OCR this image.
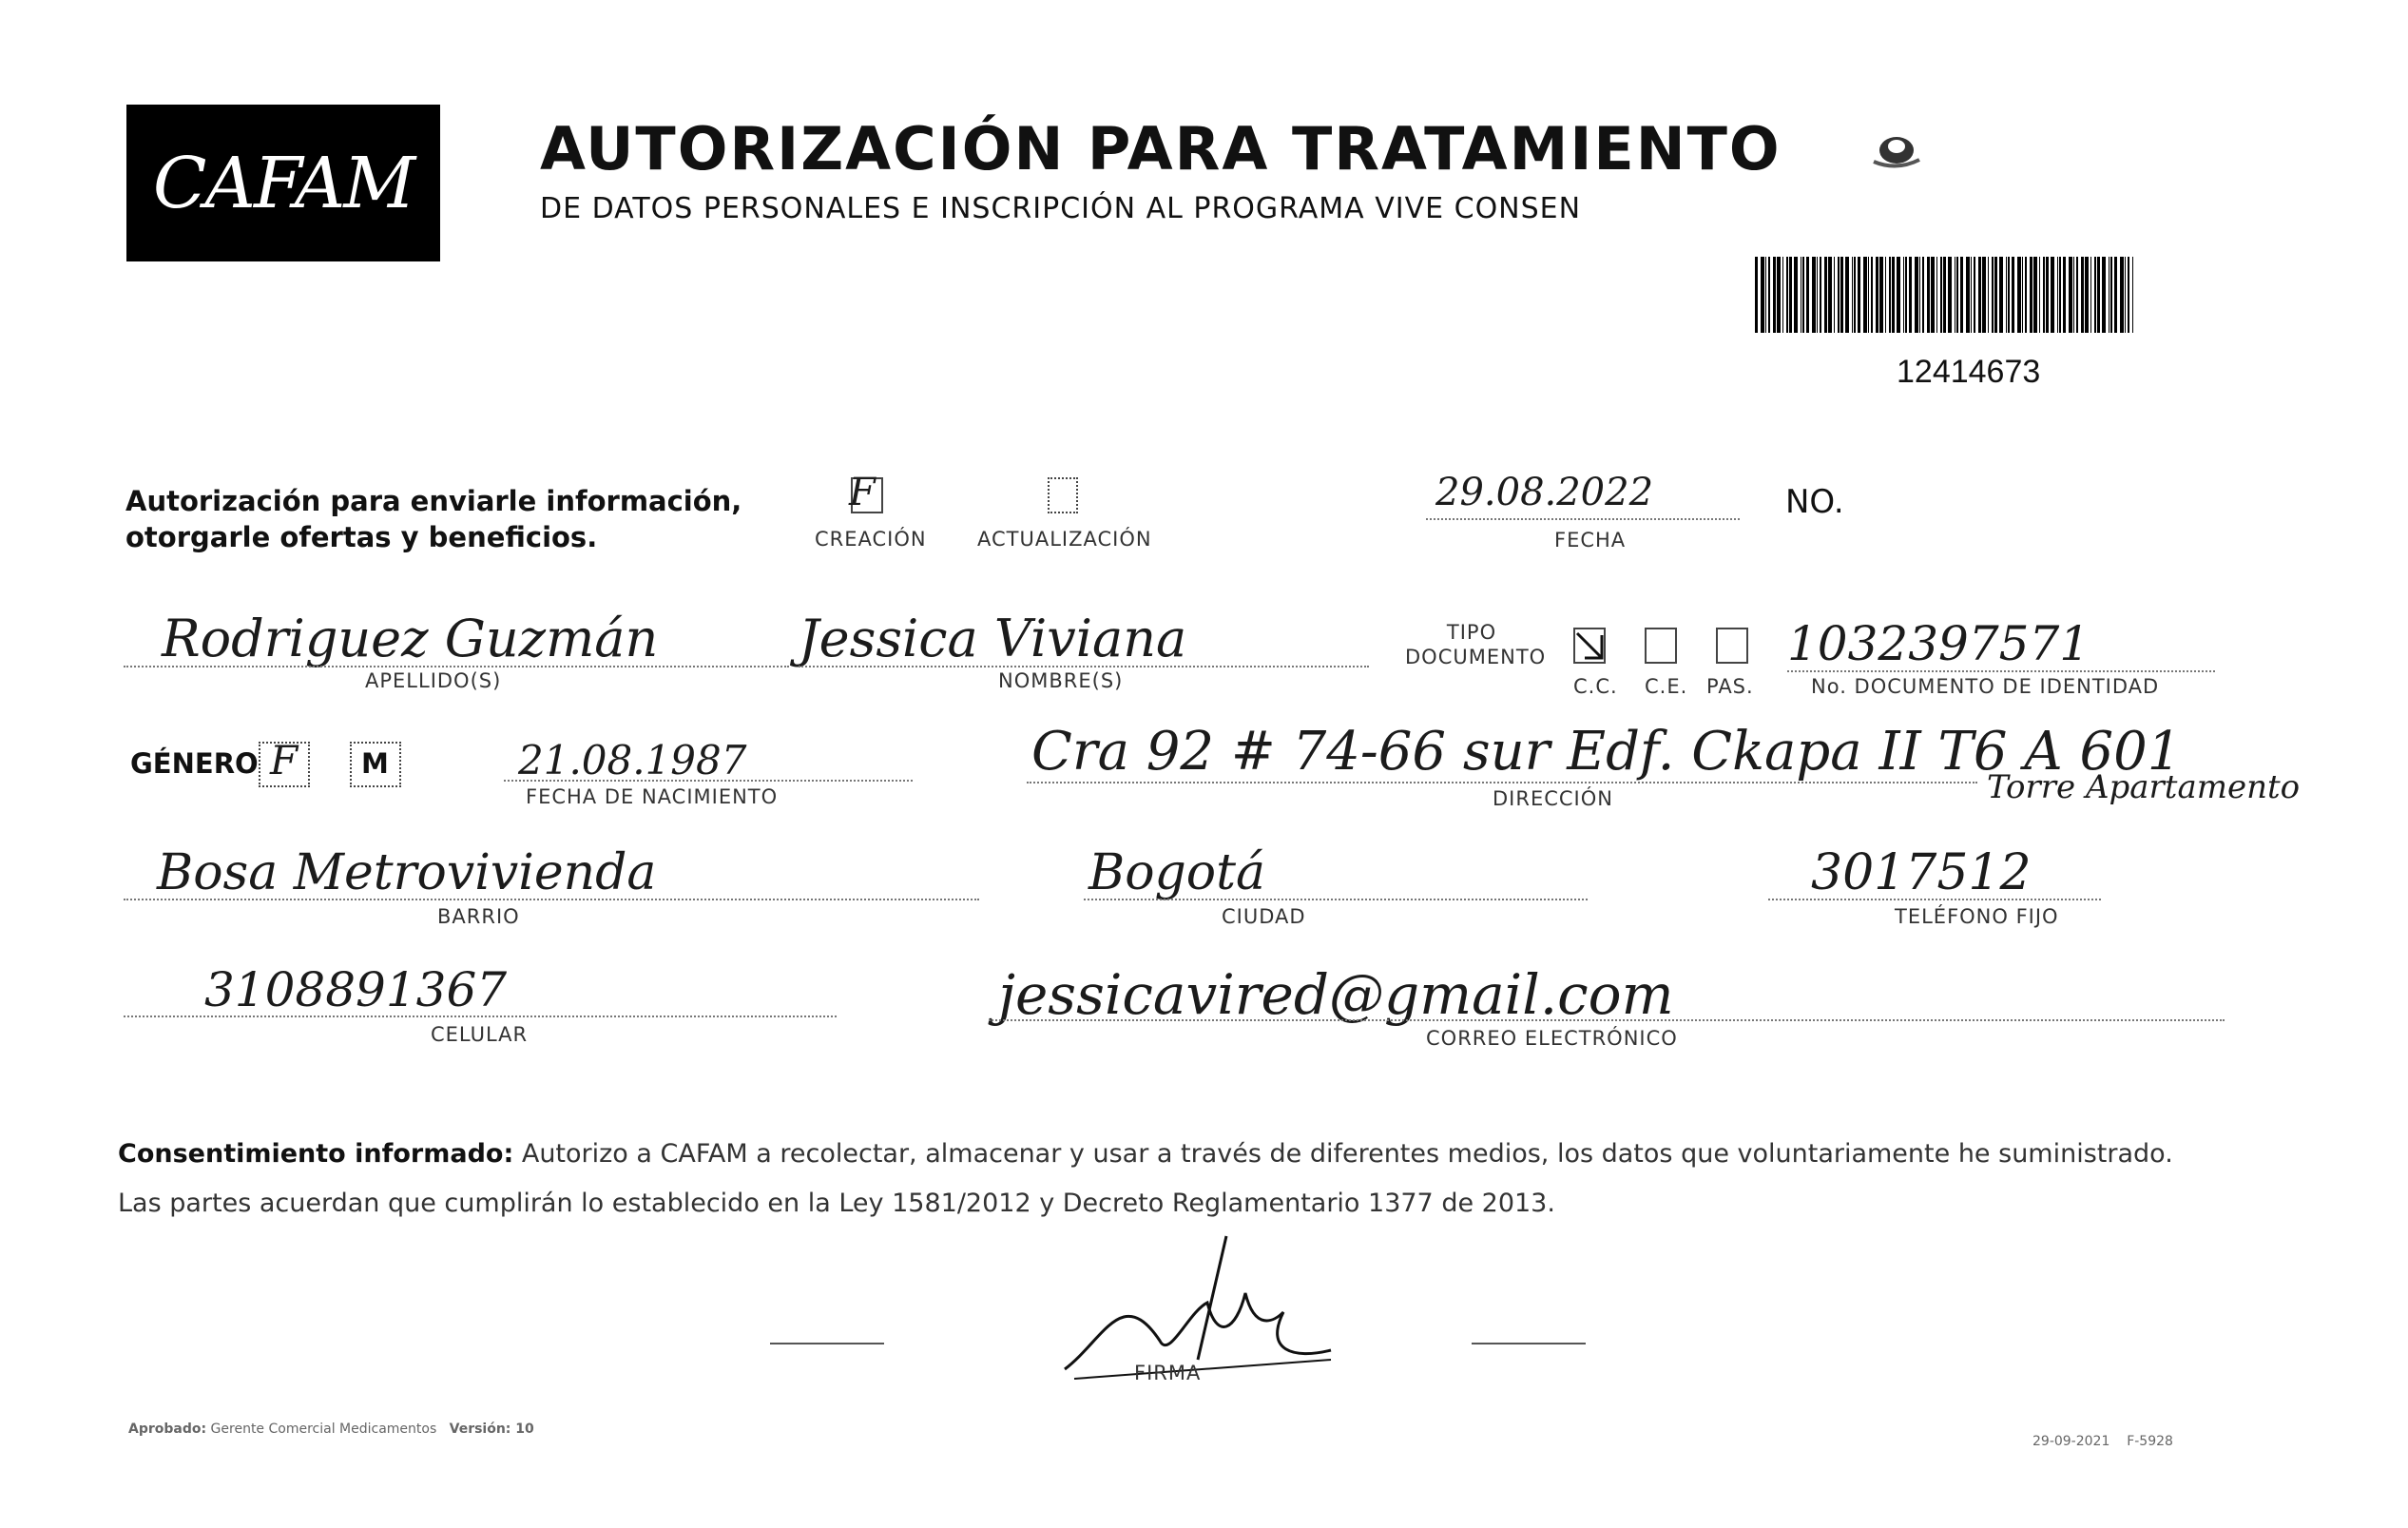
CAFAM AUTORIZACIÓN PARA TRATAMIENTO
DE DATOS PERSONALES E INSCRIPCIÓN AL PROGRAMA VIVE CONSEN
12414673
Autorización para enviarle información, otorgarle ofertas y beneficios.
F
CREACIÓN	ACTUALIZACIÓN
29.08.2022
FECHA
NO.
Rodriguez Guzmán
APELLIDO(S)
Jessica Viviana
NOMBRE(S)
TIPO DOCUMENTO
C.C. C.E. PAS.
1032397571
No. DOCUMENTO DE IDENTIDAD
GÉNERO F M	21.08.1987
FECHA DE NACIMIENTO
Cra 92 # 74-66 sur Edf. Ckapa II T6 A 601
Torre Apartamento
DIRECCIÓN
Bosa Metrovivienda
BARRIO
Bogotá
CIUDAD
3017512
TELÉFONO FIJO
3108891367
CELULAR
jessicavired@gmail.com
CORREO ELECTRÓNICO
Consentimiento informado: Autorizo a CAFAM a recolectar, almacenar y usar a través de diferentes medios, los datos que voluntariamente he suministrado.
Las partes acuerdan que cumplirán lo establecido en la Ley 1581/2012 y Decreto Reglamentario 1377 de 2013.
FIRMA
Aprobado: Gerente Comercial Medicamentos Versión: 10
29-09-2021 F-5928
